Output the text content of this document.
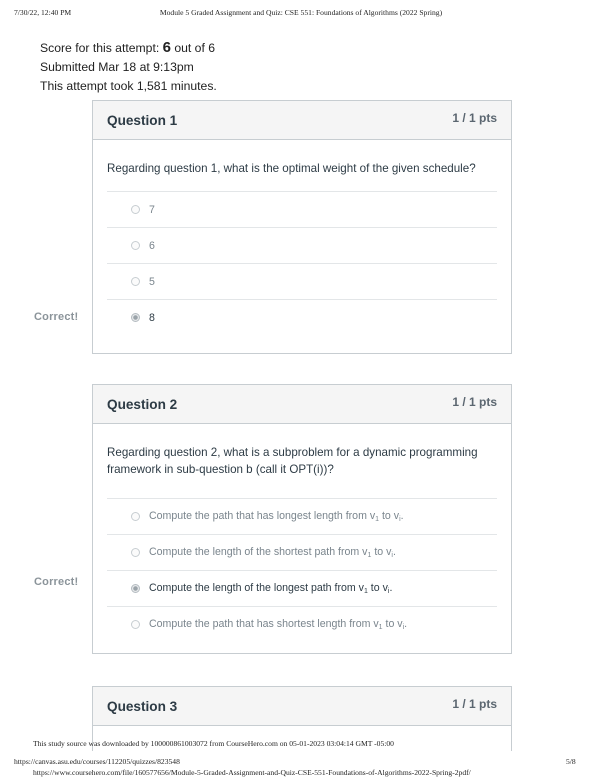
7/30/22, 12:40 PM	Module 5 Graded Assignment and Quiz: CSE 551: Foundations of Algorithms (2022 Spring)
Score for this attempt: 6 out of 6
Submitted Mar 18 at 9:13pm
This attempt took 1,581 minutes.
Question 1	1 / 1 pts
Regarding question 1, what is the optimal weight of the given schedule?
7
6
5
8
Correct!
Question 2	1 / 1 pts
Regarding question 2, what is a subproblem for a dynamic programming framework in sub-question b (call it OPT(i))?
Compute the path that has longest length from $v_1$ to $v_i$.
Compute the length of the shortest path from $v_1$ to $v_i$.
Compute the length of the longest path from $v_1$ to $v_i$.
Compute the path that has shortest length from $v_1$ to $v_i$.
Correct!
Question 3	1 / 1 pts
This study source was downloaded by 100000861003072 from CourseHero.com on 05-01-2023 03:04:14 GMT -05:00
https://canvas.asu.edu/courses/112205/quizzes/823548	5/8
https://www.coursehero.com/file/160577656/Module-5-Graded-Assignment-and-Quiz-CSE-551-Foundations-of-Algorithms-2022-Spring-2pdf/
